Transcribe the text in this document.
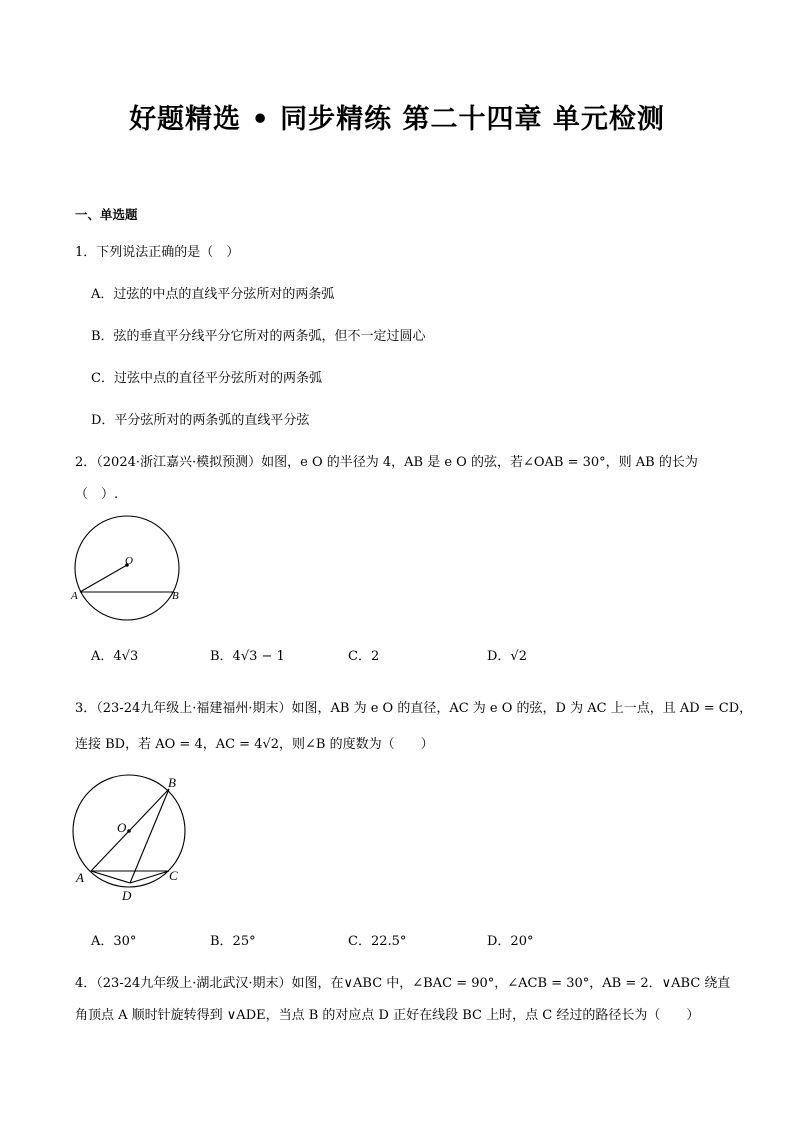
好题精选 • 同步精练 第二十四章 单元检测
一、单选题
1．下列说法正确的是（　）
A．过弦的中点的直线平分弦所对的两条弧
B．弦的垂直平分线平分它所对的两条弧，但不一定过圆心
C．过弦中点的直径平分弦所对的两条弧
D．平分弦所对的两条弧的直线平分弦
2．（2024·浙江嘉兴·模拟预测）如图，e O 的半径为 4，AB 是 e O 的弦，若∠OAB = 30°，则 AB 的长为
（　）.
O
A	B
A．4√3	B．4√3 − 1	C．2	D．√2
3．（23-24九年级上·福建福州·期末）如图，AB 为 e O 的直径，AC 为 e O 的弦，D 为 AC 上一点，且 AD = CD，
连接 BD，若 AO = 4，AC = 4√2，则∠B 的度数为（　　）
O
B
A	C
D
A．30°	B．25°	C．22.5°	D．20°
4．（23-24九年级上·湖北武汉·期末）如图，在∨ABC 中，∠BAC = 90°，∠ACB = 30°，AB = 2．∨ABC 绕直
角顶点 A 顺时针旋转得到 ∨ADE，当点 B 的对应点 D 正好在线段 BC 上时，点 C 经过的路径长为（　　）
